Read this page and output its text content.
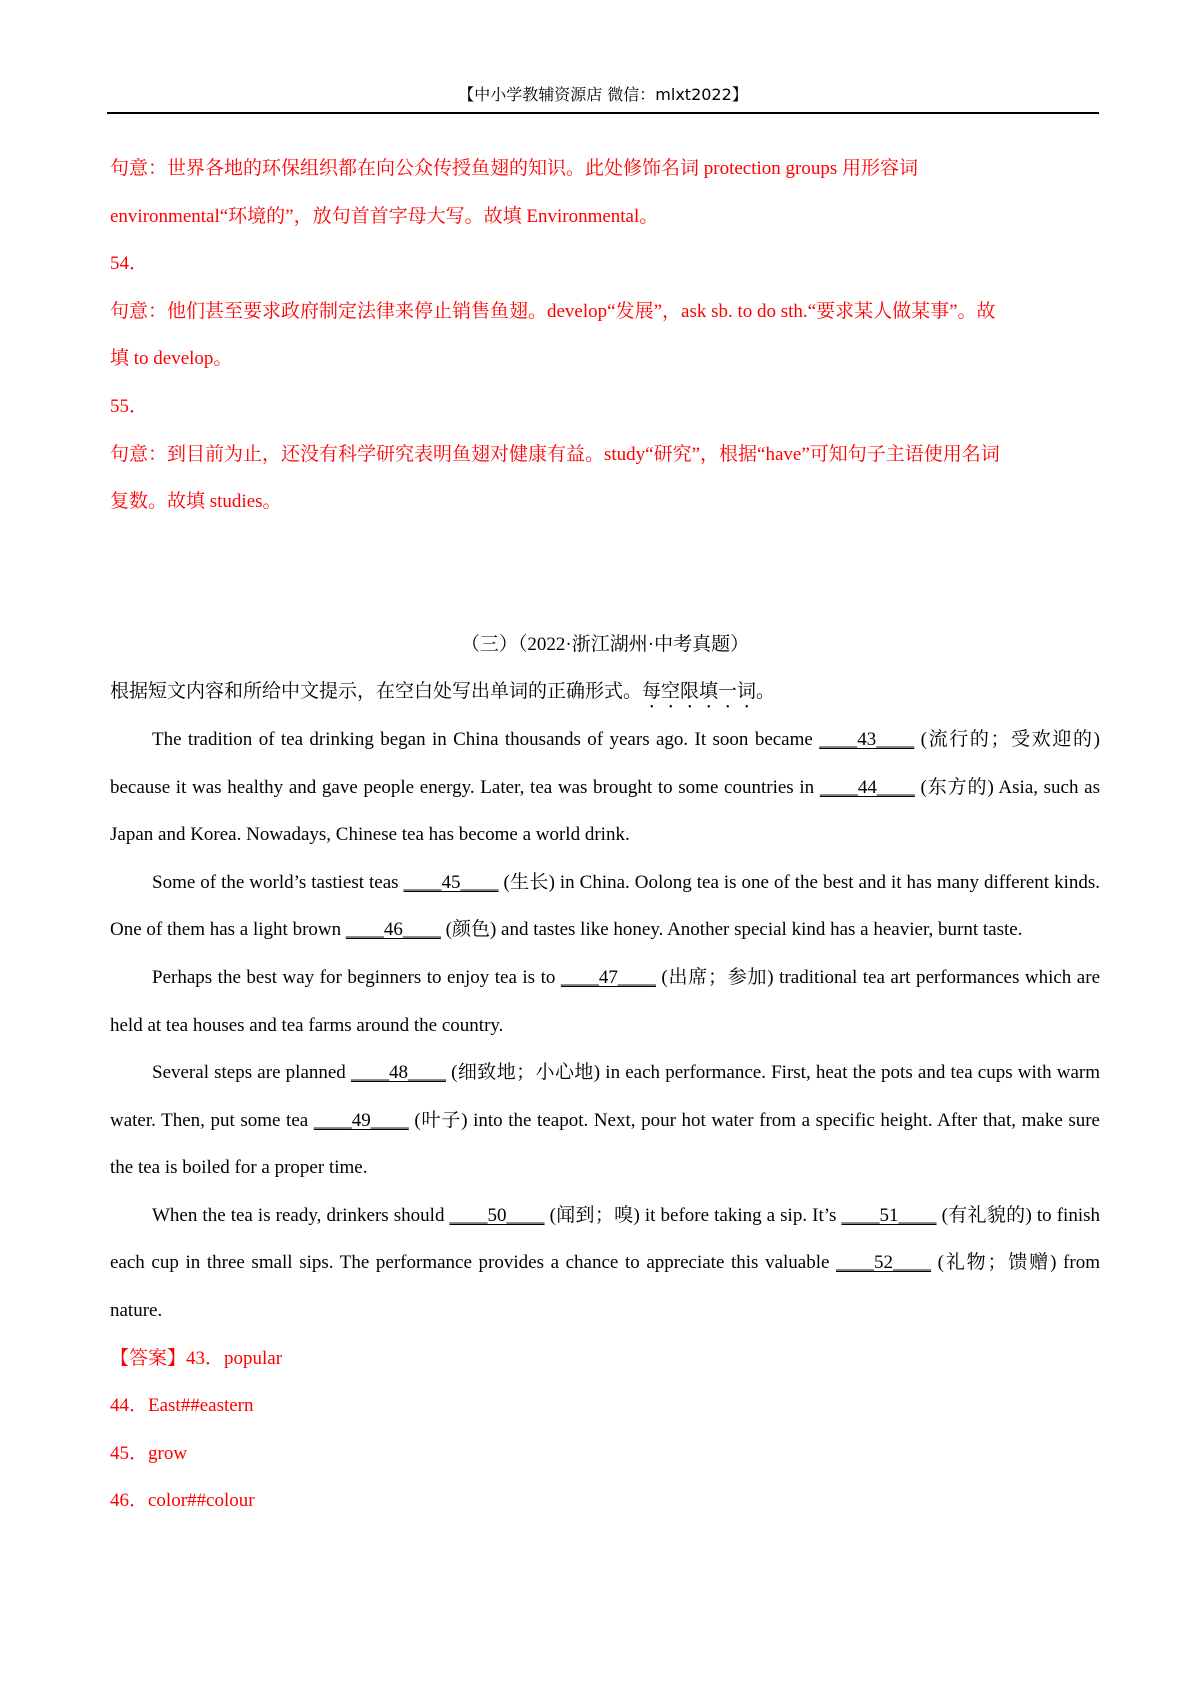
【中小学教辅资源店 微信：mlxt2022】

句意：世界各地的环保组织都在向公众传授鱼翅的知识。此处修饰名词 protection groups 用形容词

environmental“环境的”，放句首首字母大写。故填 Environmental。

54．

句意：他们甚至要求政府制定法律来停止销售鱼翅。develop“发展”，ask sb. to do sth.“要求某人做某事”。故

填 to develop。

55．

句意：到目前为止，还没有科学研究表明鱼翅对健康有益。study“研究”，根据“have”可知句子主语使用名词

复数。故填 studies。

（三）（2022·浙江湖州·中考真题）

根据短文内容和所给中文提示，在空白处写出单词的正确形式。每空限填一词。

The tradition of tea drinking began in China thousands of years ago. It soon became ____43____ (流行的；受欢迎的) because it was healthy and gave people energy. Later, tea was brought to some countries in ____44____ (东方的) Asia, such as Japan and Korea. Nowadays, Chinese tea has become a world drink.

Some of the world’s tastiest teas ____45____ (生长) in China. Oolong tea is one of the best and it has many different kinds. One of them has a light brown ____46____ (颜色) and tastes like honey. Another special kind has a heavier, burnt taste.

Perhaps the best way for beginners to enjoy tea is to ____47____ (出席；参加) traditional tea art performances which are held at tea houses and tea farms around the country.

Several steps are planned ____48____ (细致地；小心地) in each performance. First, heat the pots and tea cups with warm water. Then, put some tea ____49____ (叶子) into the teapot. Next, pour hot water from a specific height. After that, make sure the tea is boiled for a proper time.

When the tea is ready, drinkers should ____50____ (闻到；嗅) it before taking a sip. It’s ____51____ (有礼貌的) to finish each cup in three small sips. The performance provides a chance to appreciate this valuable ____52____ (礼物；馈赠) from nature.

【答案】43．popular

44．East##eastern

45．grow

46．color##colour
